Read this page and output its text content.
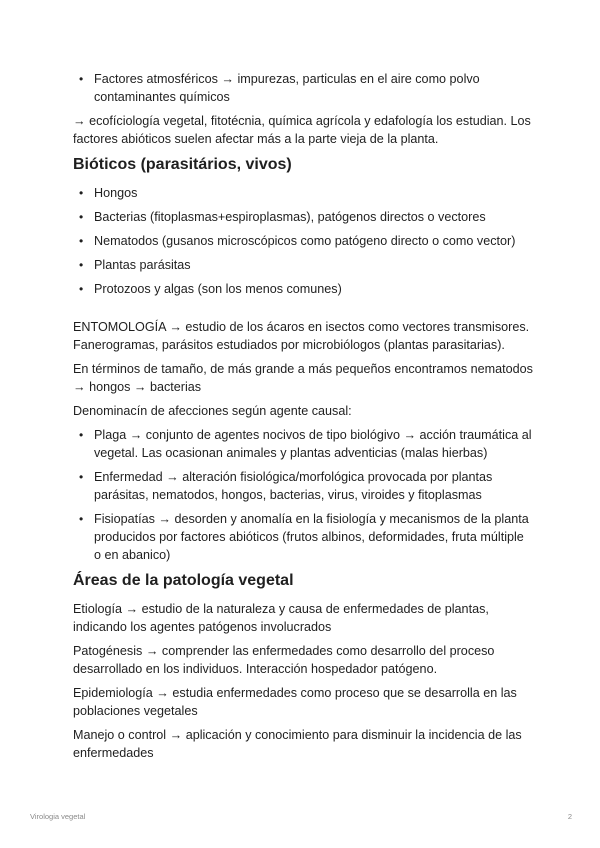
• Factores atmosféricos → impurezas, particulas en el aire como polvo contaminantes químicos

→ ecofíciología vegetal, fitotécnia, química agrícola y edafología los estudian. Los factores abióticos suelen afectar más a la parte vieja de la planta.

Bióticos (parasitários, vivos)
• Hongos
• Bacterias (fitoplasmas+espiroplasmas), patógenos directos o vectores
• Nematodos (gusanos microscópicos como patógeno directo o como vector)
• Plantas parásitas
• Protozoos y algas (son los menos comunes)

ENTOMOLOGÍA → estudio de los ácaros en isectos como vectores transmisores. Fanerogramas, parásitos estudiados por microbiólogos (plantas parasitarias).

En términos de tamaño, de más grande a más pequeños encontramos nematodos → hongos → bacterias

Denominacín de afecciones según agente causal:

• Plaga → conjunto de agentes nocivos de tipo biológivo → acción traumática al vegetal. Las ocasionan animales y plantas adventicias (malas hierbas)
• Enfermedad → alteración fisiológica/morfológica provocada por plantas parásitas, nematodos, hongos, bacterias, virus, viroides y fitoplasmas
• Fisiopatías → desorden y anomalía en la fisiología y mecanismos de la planta producidos por factores abióticos (frutos albinos, deformidades, fruta múltiple o en abanico)
Áreas de la patología vegetal

Etiología → estudio de la naturaleza y causa de enfermedades de plantas, indicando los agentes patógenos involucrados

Patogénesis → comprender las enfermedades como desarrollo del proceso desarrollado en los individuos. Interacción hospedador patógeno.

Epidemiología → estudia enfermedades como proceso que se desarrolla en las poblaciones vegetales

Manejo o control → aplicación y conocimiento para disminuir la incidencia de las enfermedades

Virologia vegetal	2
